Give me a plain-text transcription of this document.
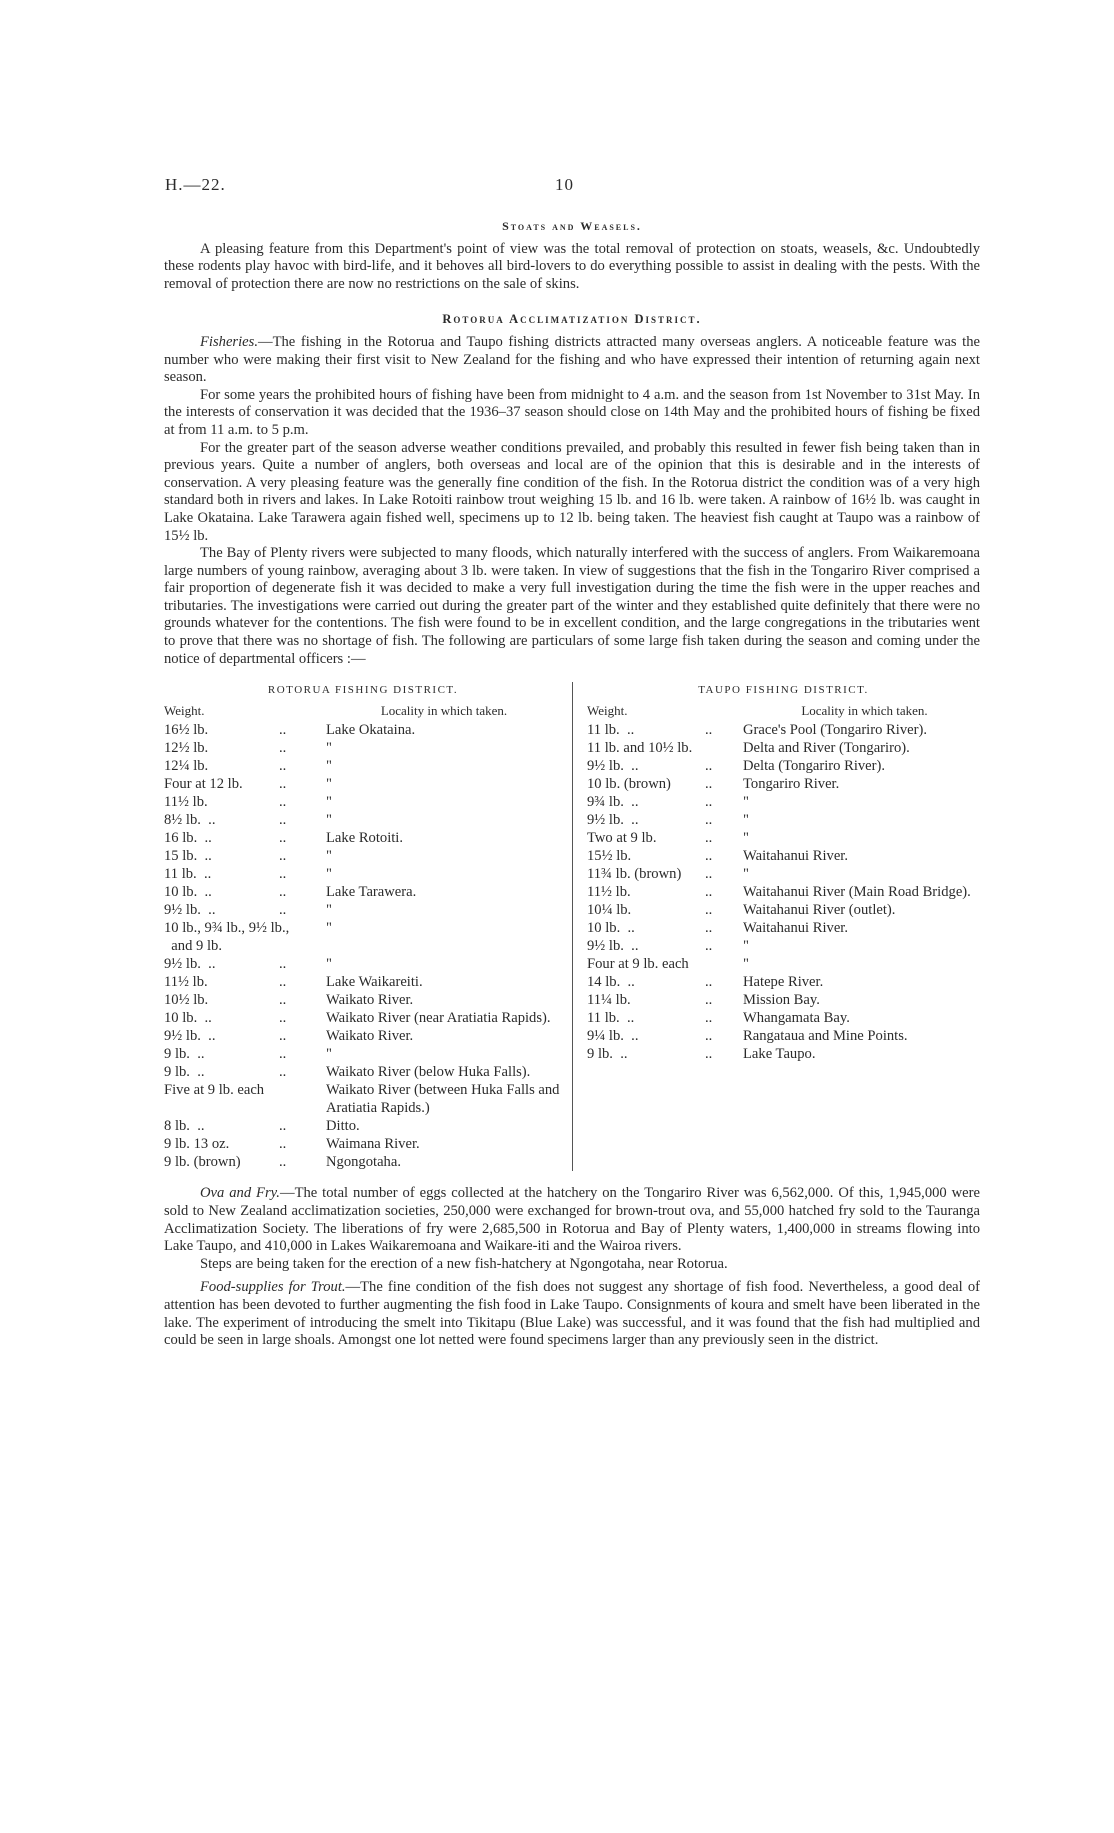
H.—22.	10
Stoats and Weasels.

A pleasing feature from this Department's point of view was the total removal of protection on stoats, weasels, &c. Undoubtedly these rodents play havoc with bird-life, and it behoves all bird-lovers to do everything possible to assist in dealing with the pests. With the removal of protection there are now no restrictions on the sale of skins.

Rotorua Acclimatization District.

Fisheries.—The fishing in the Rotorua and Taupo fishing districts attracted many overseas anglers. A noticeable feature was the number who were making their first visit to New Zealand for the fishing and who have expressed their intention of returning again next season.

For some years the prohibited hours of fishing have been from midnight to 4 a.m. and the season from 1st November to 31st May. In the interests of conservation it was decided that the 1936–37 season should close on 14th May and the prohibited hours of fishing be fixed at from 11 a.m. to 5 p.m.

For the greater part of the season adverse weather conditions prevailed, and probably this resulted in fewer fish being taken than in previous years. Quite a number of anglers, both overseas and local are of the opinion that this is desirable and in the interests of conservation. A very pleasing feature was the generally fine condition of the fish. In the Rotorua district the condition was of a very high standard both in rivers and lakes. In Lake Rotoiti rainbow trout weighing 15 lb. and 16 lb. were taken. A rainbow of 16½ lb. was caught in Lake Okataina. Lake Tarawera again fished well, specimens up to 12 lb. being taken. The heaviest fish caught at Taupo was a rainbow of 15½ lb.

The Bay of Plenty rivers were subjected to many floods, which naturally interfered with the success of anglers. From Waikaremoana large numbers of young rainbow, averaging about 3 lb. were taken. In view of suggestions that the fish in the Tongariro River comprised a fair proportion of degenerate fish it was decided to make a very full investigation during the time the fish were in the upper reaches and tributaries. The investigations were carried out during the greater part of the winter and they established quite definitely that there were no grounds whatever for the contentions. The fish were found to be in excellent condition, and the large congregations in the tributaries went to prove that there was no shortage of fish. The following are particulars of some large fish taken during the season and coming under the notice of departmental officers :—

ROTORUA FISHING DISTRICT.
Weight.	Locality in which taken.
16½ lb.	..	Lake Okataina.
12½ lb.	..	"
12¼ lb.	..	"
Four at 12 lb.	..	"
11½ lb.	..	"
8½ lb.  ..	..	"
16 lb.  ..	..	Lake Rotoiti.
15 lb.  ..	..	"
11 lb.  ..	..	"
10 lb.  ..	..	Lake Tarawera.
9½ lb.  ..	..	"
10 lb., 9¾ lb., 9½ lb.,	"
and 9 lb.
9½ lb.  ..	..	"
11½ lb.	..	Lake Waikareiti.
10½ lb.	..	Waikato River.
10 lb.  ..	..	Waikato River (near Aratiatia Rapids).
9½ lb.  ..	..	Waikato River.
9 lb.  ..	..	"
9 lb.  ..	..	Waikato River (below Huka Falls).
Five at 9 lb. each	Waikato River (between Huka Falls and Aratiatia Rapids.)
8 lb.  ..	..	Ditto.
9 lb. 13 oz.	..	Waimana River.
9 lb. (brown)	..	Ngongotaha.
TAUPO FISHING DISTRICT.
Weight.	Locality in which taken.
11 lb.  ..	..	Grace's Pool (Tongariro River).
11 lb. and 10½ lb.	Delta and River (Tongariro).
9½ lb.  ..	..	Delta (Tongariro River).
10 lb. (brown)	..	Tongariro River.
9¾ lb.  ..	..	"
9½ lb.  ..	..	"
Two at 9 lb.	..	"
15½ lb.	..	Waitahanui River.
11¾ lb. (brown)	..	"
11½ lb.	..	Waitahanui River (Main Road Bridge).
10¼ lb.	..	Waitahanui River (outlet).
10 lb.  ..	..	Waitahanui River.
9½ lb.  ..	..	"
Four at 9 lb. each	"
14 lb.  ..	..	Hatepe River.
11¼ lb.	..	Mission Bay.
11 lb.  ..	..	Whangamata Bay.
9¼ lb.  ..	..	Rangataua and Mine Points.
9 lb.  ..	..	Lake Taupo.

Ova and Fry.—The total number of eggs collected at the hatchery on the Tongariro River was 6,562,000. Of this, 1,945,000 were sold to New Zealand acclimatization societies, 250,000 were exchanged for brown-trout ova, and 55,000 hatched fry sold to the Tauranga Acclimatization Society. The liberations of fry were 2,685,500 in Rotorua and Bay of Plenty waters, 1,400,000 in streams flowing into Lake Taupo, and 410,000 in Lakes Waikaremoana and Waikare-iti and the Wairoa rivers.

Steps are being taken for the erection of a new fish-hatchery at Ngongotaha, near Rotorua.

Food-supplies for Trout.—The fine condition of the fish does not suggest any shortage of fish food. Nevertheless, a good deal of attention has been devoted to further augmenting the fish food in Lake Taupo. Consignments of koura and smelt have been liberated in the lake. The experiment of introducing the smelt into Tikitapu (Blue Lake) was successful, and it was found that the fish had multiplied and could be seen in large shoals. Amongst one lot netted were found specimens larger than any previously seen in the district.
